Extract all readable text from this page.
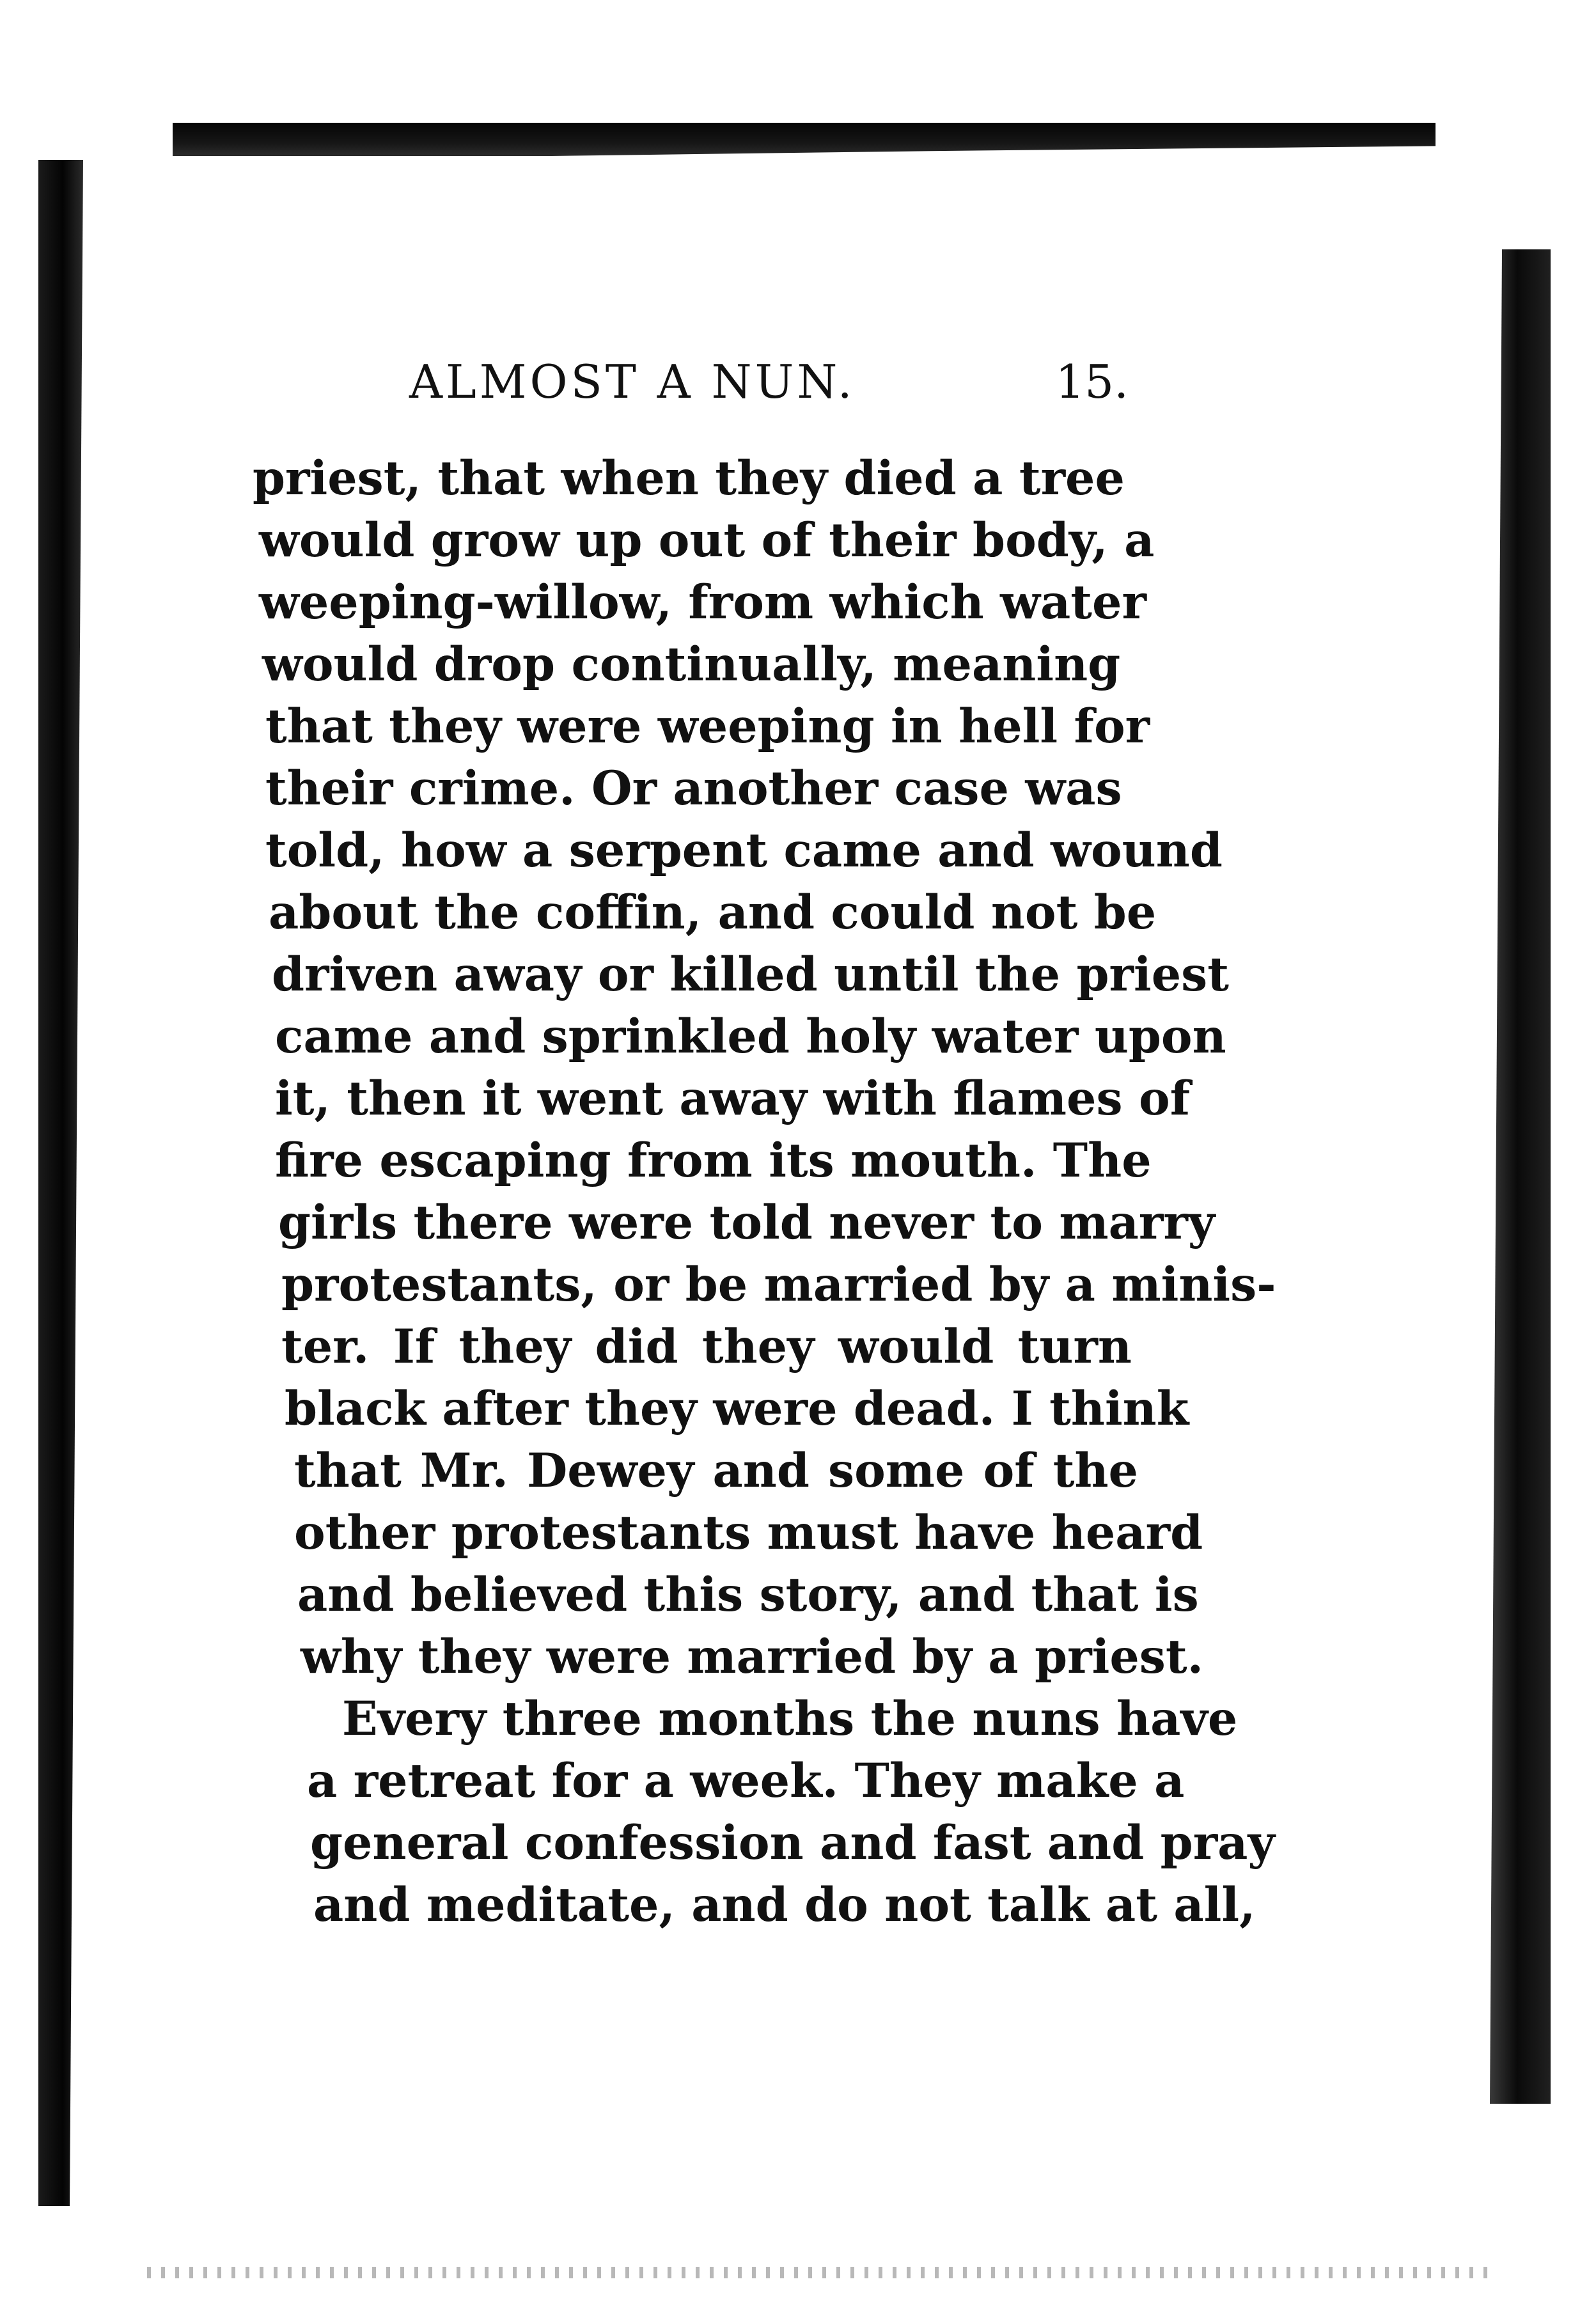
ALMOST A NUN.	15.
priest, that when they died a tree
would grow up out of their body, a
weeping-willow, from which water
would drop continually, meaning
that they were weeping in hell for
their crime. Or another case was
told, how a serpent came and wound
about the coffin, and could not be
driven away or killed until the priest
came and sprinkled holy water upon
it, then it went away with flames of
fire escaping from its mouth. The
girls there were told never to marry
protestants, or be married by a minis-
ter. If they did they would turn
black after they were dead. I think
that Mr. Dewey and some of the
other protestants must have heard
and believed this story, and that is
why they were married by a priest.
Every three months the nuns have
a retreat for a week. They make a
general confession and fast and pray
and meditate, and do not talk at all,
